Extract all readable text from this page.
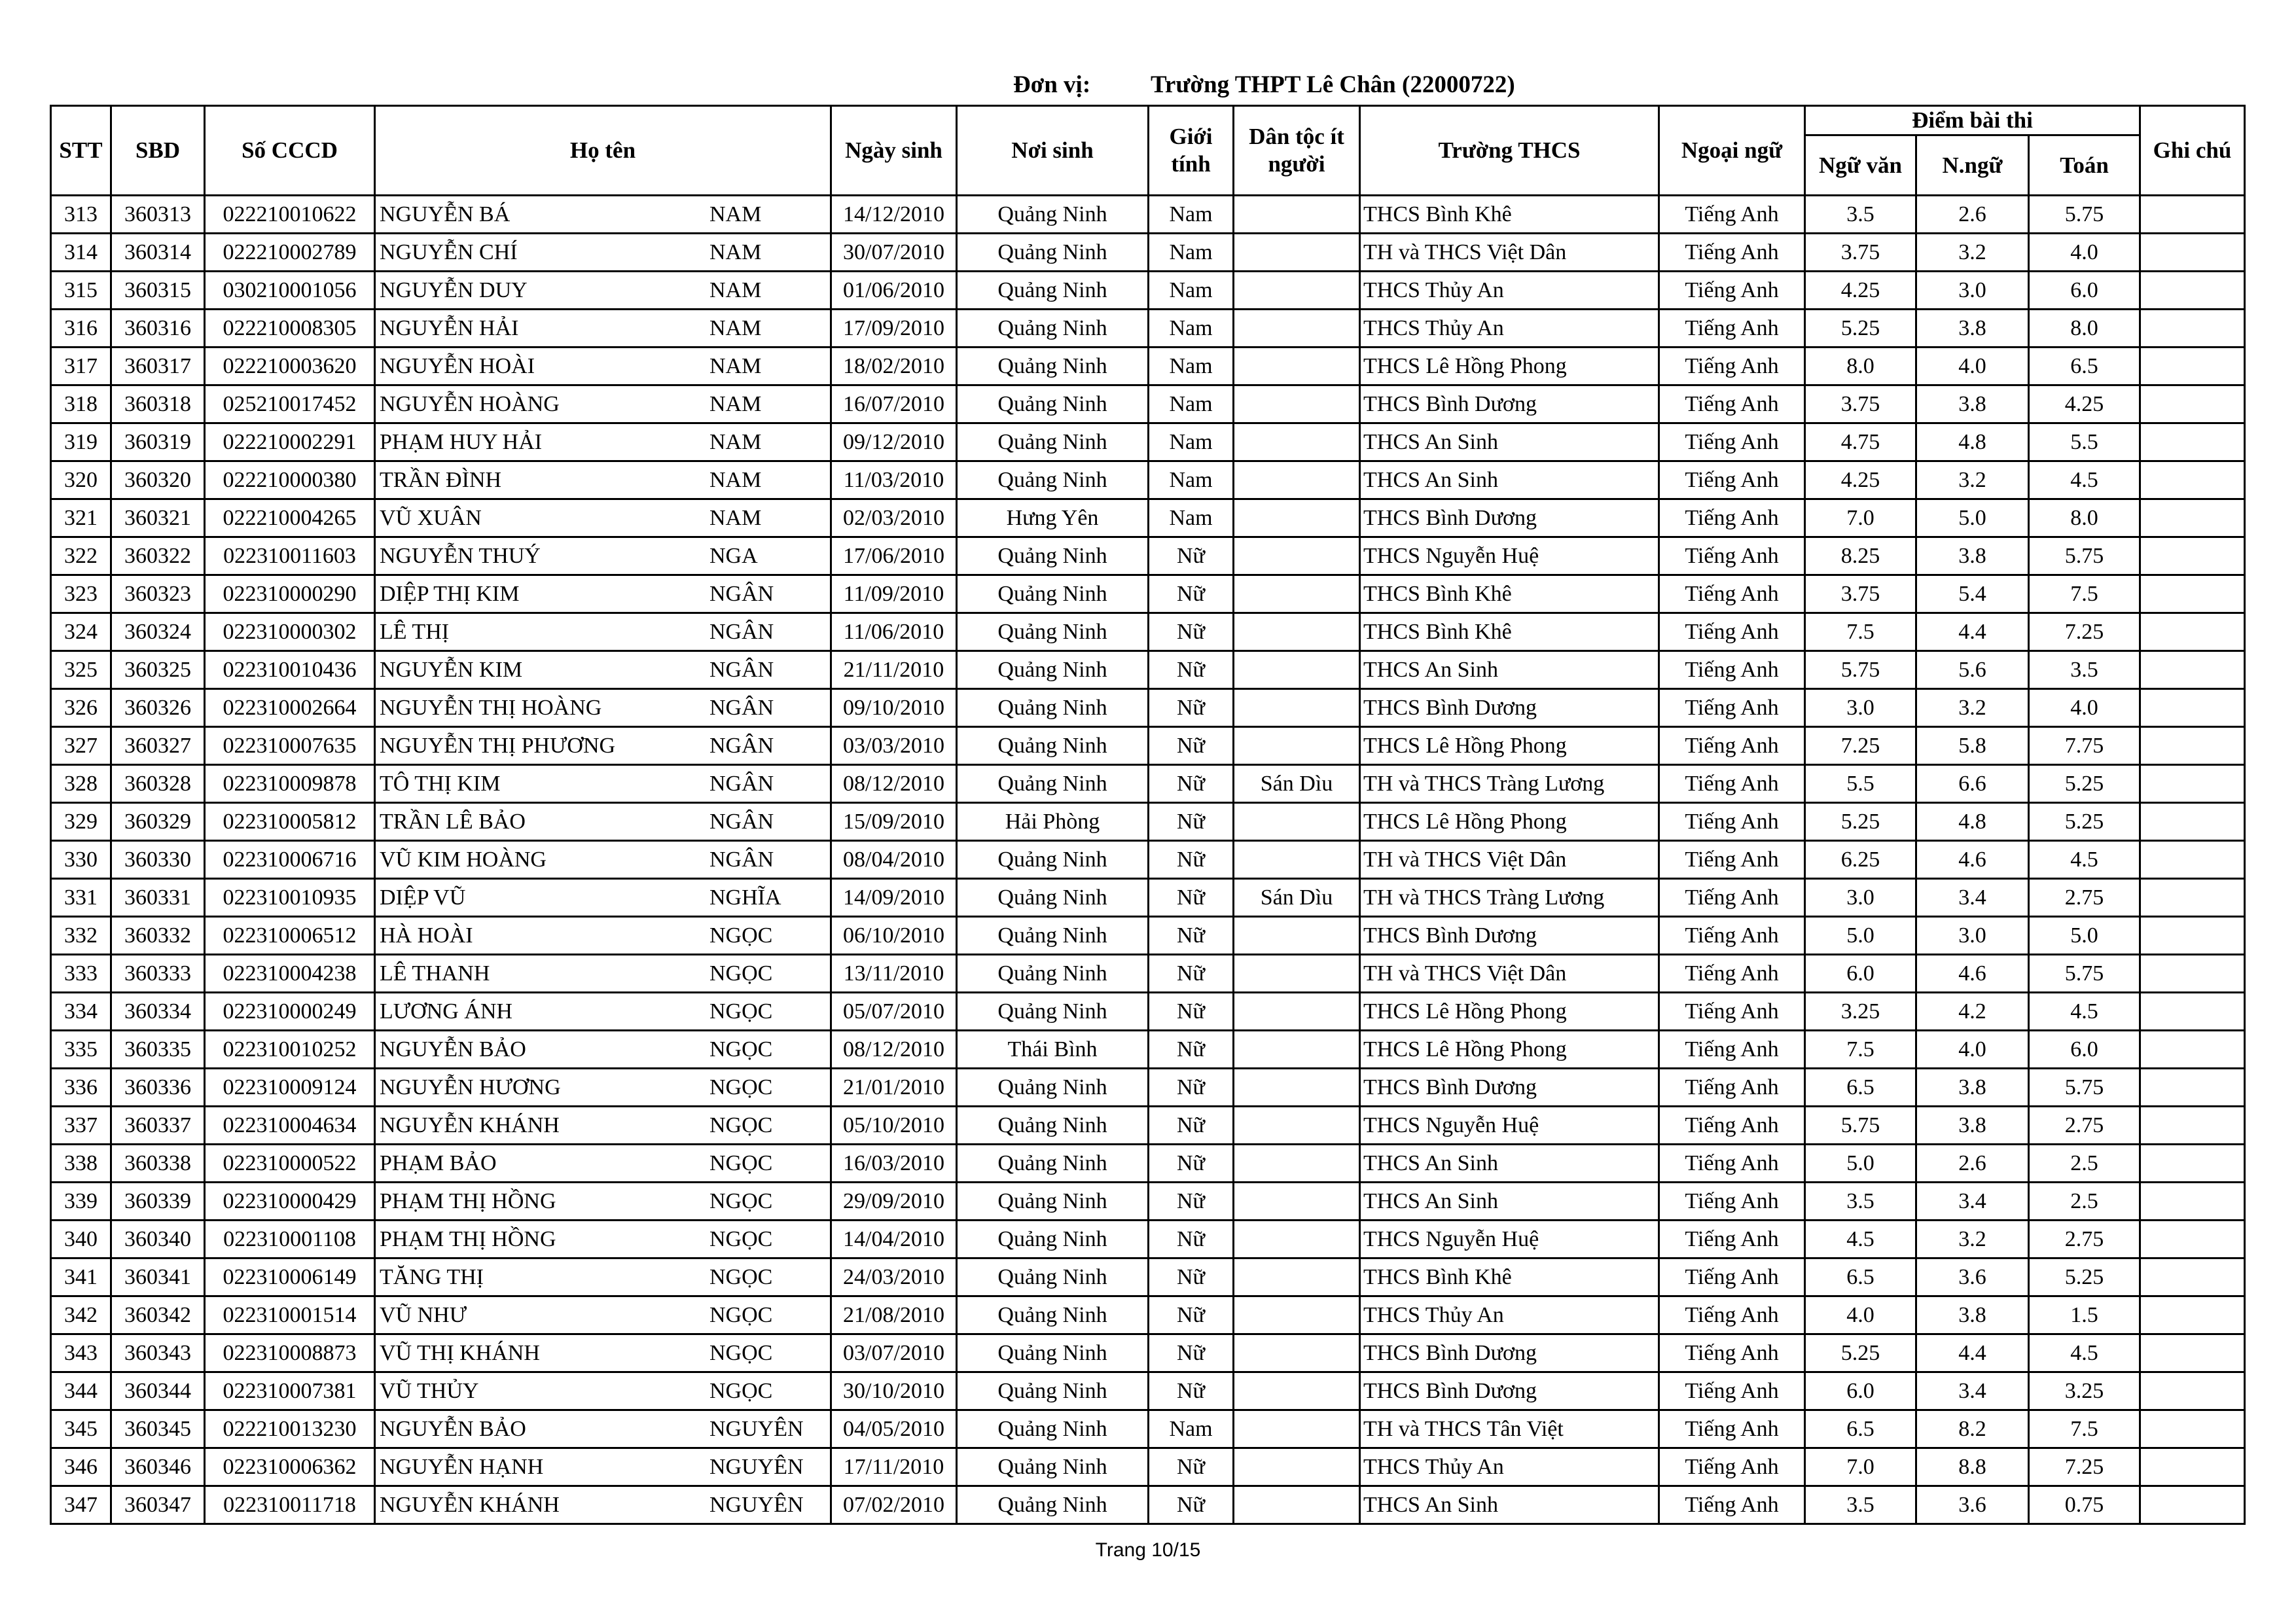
Đơn vị: Trường THPT Lê Chân (22000722)
STT	SBD	Số CCCD	Họ tên	Ngày sinh	Nơi sinh	Giới tính	Dân tộc ít người	Trường THCS	Ngoại ngữ	Điểm bài thi			Ghi chú
										Ngữ văn	N.ngữ	Toán	
313	360313	022210010622	NGUYỄN BÁ NAM	14/12/2010	Quảng Ninh	Nam		THCS Bình Khê	Tiếng Anh	3.5	2.6	5.75	
314	360314	022210002789	NGUYỄN CHÍ NAM	30/07/2010	Quảng Ninh	Nam		TH và THCS Việt Dân	Tiếng Anh	3.75	3.2	4.0	
315	360315	030210001056	NGUYỄN DUY NAM	01/06/2010	Quảng Ninh	Nam		THCS Thủy An	Tiếng Anh	4.25	3.0	6.0	
316	360316	022210008305	NGUYỄN HẢI NAM	17/09/2010	Quảng Ninh	Nam		THCS Thủy An	Tiếng Anh	5.25	3.8	8.0	
317	360317	022210003620	NGUYỄN HOÀI NAM	18/02/2010	Quảng Ninh	Nam		THCS Lê Hồng Phong	Tiếng Anh	8.0	4.0	6.5	
318	360318	025210017452	NGUYỄN HOÀNG NAM	16/07/2010	Quảng Ninh	Nam		THCS Bình Dương	Tiếng Anh	3.75	3.8	4.25	
319	360319	022210002291	PHẠM HUY HẢI NAM	09/12/2010	Quảng Ninh	Nam		THCS An Sinh	Tiếng Anh	4.75	4.8	5.5	
320	360320	022210000380	TRẦN ĐÌNH NAM	11/03/2010	Quảng Ninh	Nam		THCS An Sinh	Tiếng Anh	4.25	3.2	4.5	
321	360321	022210004265	VŨ XUÂN NAM	02/03/2010	Hưng Yên	Nam		THCS Bình Dương	Tiếng Anh	7.0	5.0	8.0	
322	360322	022310011603	NGUYỄN THUÝ NGA	17/06/2010	Quảng Ninh	Nữ		THCS Nguyễn Huệ	Tiếng Anh	8.25	3.8	5.75	
323	360323	022310000290	DIỆP THỊ KIM NGÂN	11/09/2010	Quảng Ninh	Nữ		THCS Bình Khê	Tiếng Anh	3.75	5.4	7.5	
324	360324	022310000302	LÊ THỊ NGÂN	11/06/2010	Quảng Ninh	Nữ		THCS Bình Khê	Tiếng Anh	7.5	4.4	7.25	
325	360325	022310010436	NGUYỄN KIM NGÂN	21/11/2010	Quảng Ninh	Nữ		THCS An Sinh	Tiếng Anh	5.75	5.6	3.5	
326	360326	022310002664	NGUYỄN THỊ HOÀNG NGÂN	09/10/2010	Quảng Ninh	Nữ		THCS Bình Dương	Tiếng Anh	3.0	3.2	4.0	
327	360327	022310007635	NGUYỄN THỊ PHƯƠNG NGÂN	03/03/2010	Quảng Ninh	Nữ		THCS Lê Hồng Phong	Tiếng Anh	7.25	5.8	7.75	
328	360328	022310009878	TÔ THỊ KIM NGÂN	08/12/2010	Quảng Ninh	Nữ	Sán Dìu	TH và THCS Tràng Lương	Tiếng Anh	5.5	6.6	5.25	
329	360329	022310005812	TRẦN LÊ BẢO NGÂN	15/09/2010	Hải Phòng	Nữ		THCS Lê Hồng Phong	Tiếng Anh	5.25	4.8	5.25	
330	360330	022310006716	VŨ KIM HOÀNG NGÂN	08/04/2010	Quảng Ninh	Nữ		TH và THCS Việt Dân	Tiếng Anh	6.25	4.6	4.5	
331	360331	022310010935	DIỆP VŨ NGHĨA	14/09/2010	Quảng Ninh	Nữ	Sán Dìu	TH và THCS Tràng Lương	Tiếng Anh	3.0	3.4	2.75	
332	360332	022310006512	HÀ HOÀI NGỌC	06/10/2010	Quảng Ninh	Nữ		THCS Bình Dương	Tiếng Anh	5.0	3.0	5.0	
333	360333	022310004238	LÊ THANH NGỌC	13/11/2010	Quảng Ninh	Nữ		TH và THCS Việt Dân	Tiếng Anh	6.0	4.6	5.75	
334	360334	022310000249	LƯƠNG ÁNH NGỌC	05/07/2010	Quảng Ninh	Nữ		THCS Lê Hồng Phong	Tiếng Anh	3.25	4.2	4.5	
335	360335	022310010252	NGUYỄN BẢO NGỌC	08/12/2010	Thái Bình	Nữ		THCS Lê Hồng Phong	Tiếng Anh	7.5	4.0	6.0	
336	360336	022310009124	NGUYỄN HƯƠNG NGỌC	21/01/2010	Quảng Ninh	Nữ		THCS Bình Dương	Tiếng Anh	6.5	3.8	5.75	
337	360337	022310004634	NGUYỄN KHÁNH NGỌC	05/10/2010	Quảng Ninh	Nữ		THCS Nguyễn Huệ	Tiếng Anh	5.75	3.8	2.75	
338	360338	022310000522	PHẠM BẢO NGỌC	16/03/2010	Quảng Ninh	Nữ		THCS An Sinh	Tiếng Anh	5.0	2.6	2.5	
339	360339	022310000429	PHẠM THỊ HỒNG NGỌC	29/09/2010	Quảng Ninh	Nữ		THCS An Sinh	Tiếng Anh	3.5	3.4	2.5	
340	360340	022310001108	PHẠM THỊ HỒNG NGỌC	14/04/2010	Quảng Ninh	Nữ		THCS Nguyễn Huệ	Tiếng Anh	4.5	3.2	2.75	
341	360341	022310006149	TĂNG THỊ NGỌC	24/03/2010	Quảng Ninh	Nữ		THCS Bình Khê	Tiếng Anh	6.5	3.6	5.25	
342	360342	022310001514	VŨ NHƯ NGỌC	21/08/2010	Quảng Ninh	Nữ		THCS Thủy An	Tiếng Anh	4.0	3.8	1.5	
343	360343	022310008873	VŨ THỊ KHÁNH NGỌC	03/07/2010	Quảng Ninh	Nữ		THCS Bình Dương	Tiếng Anh	5.25	4.4	4.5	
344	360344	022310007381	VŨ THỦY NGỌC	30/10/2010	Quảng Ninh	Nữ		THCS Bình Dương	Tiếng Anh	6.0	3.4	3.25	
345	360345	022210013230	NGUYỄN BẢO NGUYÊN	04/05/2010	Quảng Ninh	Nam		TH và THCS Tân Việt	Tiếng Anh	6.5	8.2	7.5	
346	360346	022310006362	NGUYỄN HẠNH NGUYÊN	17/11/2010	Quảng Ninh	Nữ		THCS Thủy An	Tiếng Anh	7.0	8.8	7.25	
347	360347	022310011718	NGUYỄN KHÁNH NGUYÊN	07/02/2010	Quảng Ninh	Nữ		THCS An Sinh	Tiếng Anh	3.5	3.6	0.75	
Trang 10/15
